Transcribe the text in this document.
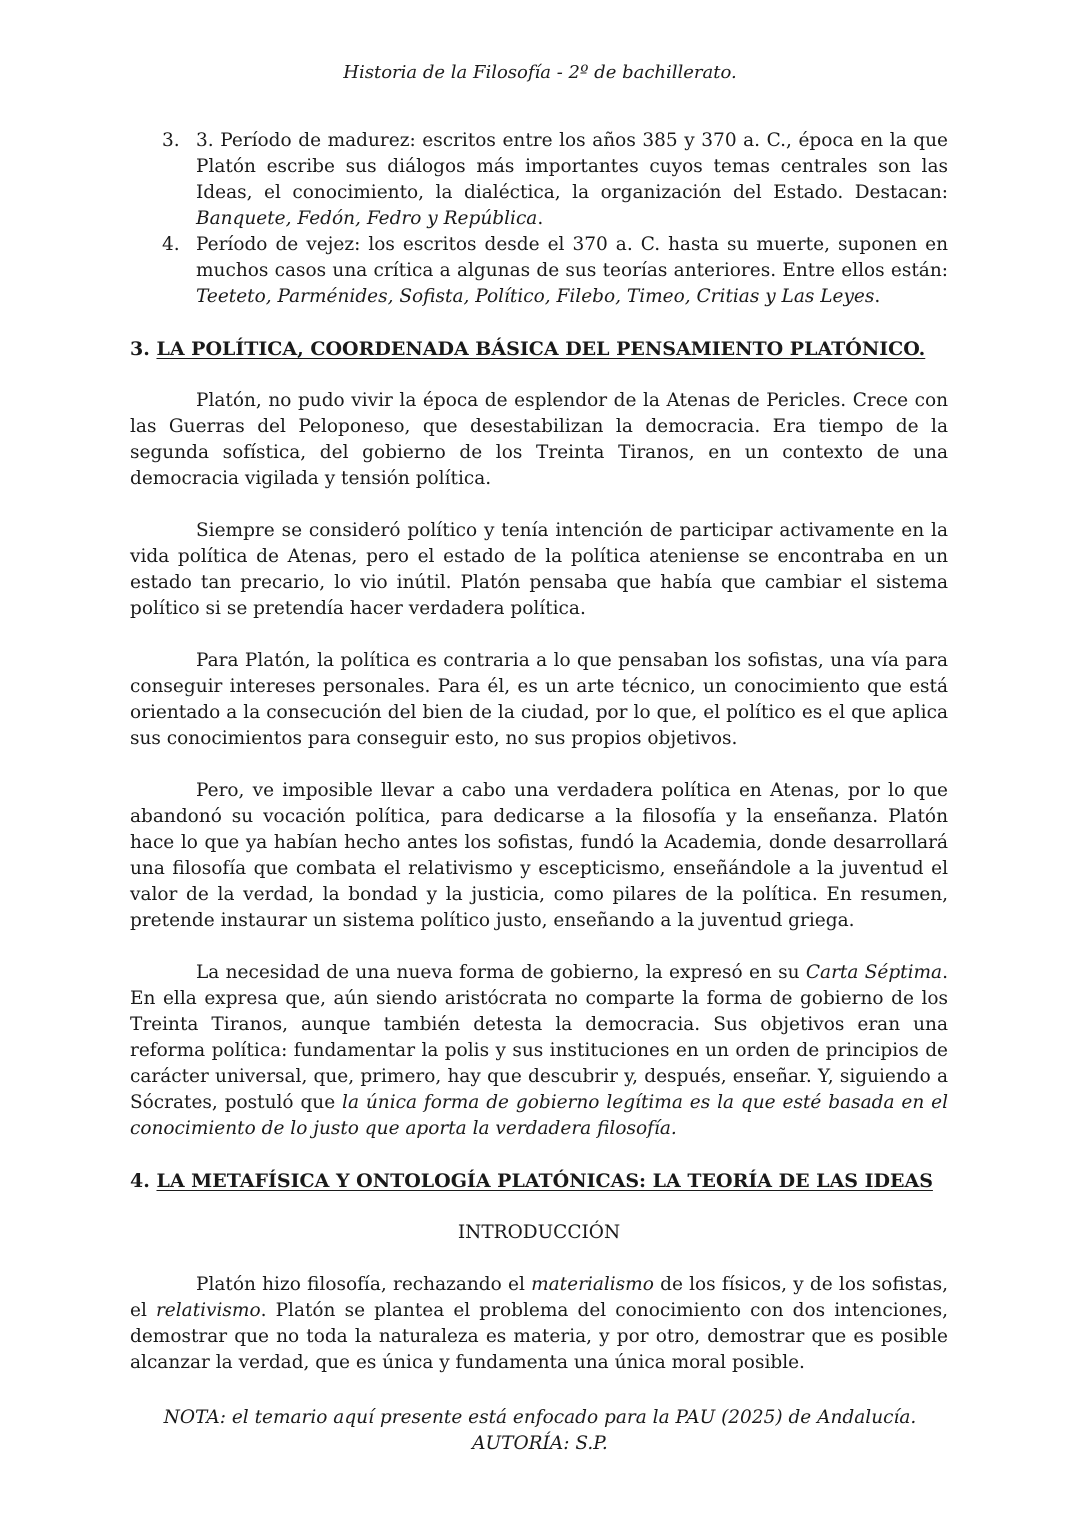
Historia de la Filosofía - 2º de bachillerato.
3. 3. Período de madurez: escritos entre los años 385 y 370 a. C., época en la que Platón escribe sus diálogos más importantes cuyos temas centrales son las Ideas, el conocimiento, la dialéctica, la organización del Estado. Destacan: Banquete, Fedón, Fedro y República.
4. Período de vejez: los escritos desde el 370 a. C. hasta su muerte, suponen en muchos casos una crítica a algunas de sus teorías anteriores. Entre ellos están: Teeteto, Parménides, Sofista, Político, Filebo, Timeo, Critias y Las Leyes.
3. LA POLÍTICA, COORDENADA BÁSICA DEL PENSAMIENTO PLATÓNICO.

Platón, no pudo vivir la época de esplendor de la Atenas de Pericles. Crece con las Guerras del Peloponeso, que desestabilizan la democracia. Era tiempo de la segunda sofística, del gobierno de los Treinta Tiranos, en un contexto de una democracia vigilada y tensión política.

Siempre se consideró político y tenía intención de participar activamente en la vida política de Atenas, pero el estado de la política ateniense se encontraba en un estado tan precario, lo vio inútil. Platón pensaba que había que cambiar el sistema político si se pretendía hacer verdadera política.

Para Platón, la política es contraria a lo que pensaban los sofistas, una vía para conseguir intereses personales. Para él, es un arte técnico, un conocimiento que está orientado a la consecución del bien de la ciudad, por lo que, el político es el que aplica sus conocimientos para conseguir esto, no sus propios objetivos.

Pero, ve imposible llevar a cabo una verdadera política en Atenas, por lo que abandonó su vocación política, para dedicarse a la filosofía y la enseñanza. Platón hace lo que ya habían hecho antes los sofistas, fundó la Academia, donde desarrollará una filosofía que combata el relativismo y escepticismo, enseñándole a la juventud el valor de la verdad, la bondad y la justicia, como pilares de la política. En resumen, pretende instaurar un sistema político justo, enseñando a la juventud griega.

La necesidad de una nueva forma de gobierno, la expresó en su Carta Séptima. En ella expresa que, aún siendo aristócrata no comparte la forma de gobierno de los Treinta Tiranos, aunque también detesta la democracia. Sus objetivos eran una reforma política: fundamentar la polis y sus instituciones en un orden de principios de carácter universal, que, primero, hay que descubrir y, después, enseñar. Y, siguiendo a Sócrates, postuló que la única forma de gobierno legítima es la que esté basada en el conocimiento de lo justo que aporta la verdadera filosofía.

4. LA METAFÍSICA Y ONTOLOGÍA PLATÓNICAS: LA TEORÍA DE LAS IDEAS
INTRODUCCIÓN

Platón hizo filosofía, rechazando el materialismo de los físicos, y de los sofistas, el relativismo. Platón se plantea el problema del conocimiento con dos intenciones, demostrar que no toda la naturaleza es materia, y por otro, demostrar que es posible alcanzar la verdad, que es única y fundamenta una única moral posible.

NOTA: el temario aquí presente está enfocado para la PAU (2025) de Andalucía.
AUTORÍA: S.P.
